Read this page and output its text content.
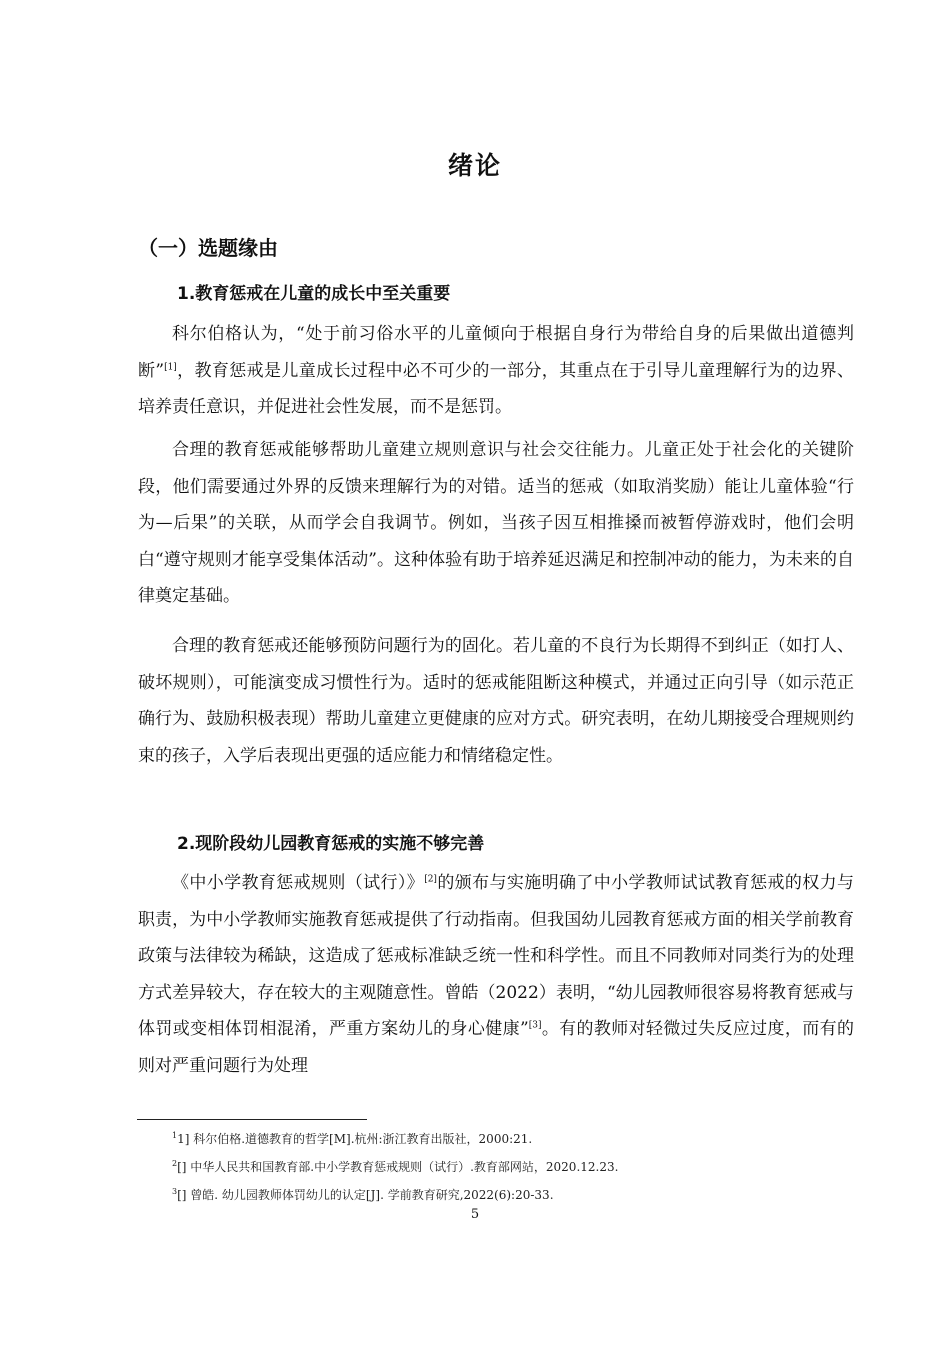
绪论
（一）选题缘由
1.教育惩戒在儿童的成长中至关重要

科尔伯格认为，“处于前习俗水平的儿童倾向于根据自身行为带给自身的后果做出道德判断”[1]，教育惩戒是儿童成长过程中必不可少的一部分，其重点在于引导儿童理解行为的边界、培养责任意识，并促进社会性发展，而不是惩罚。

合理的教育惩戒能够帮助儿童建立规则意识与社会交往能力。儿童正处于社会化的关键阶段，他们需要通过外界的反馈来理解行为的对错。适当的惩戒（如取消奖励）能让儿童体验“行为—后果”的关联，从而学会自我调节。例如，当孩子因互相推搡而被暂停游戏时，他们会明白“遵守规则才能享受集体活动”。这种体验有助于培养延迟满足和控制冲动的能力，为未来的自律奠定基础。

合理的教育惩戒还能够预防问题行为的固化。若儿童的不良行为长期得不到纠正（如打人、破坏规则），可能演变成习惯性行为。适时的惩戒能阻断这种模式，并通过正向引导（如示范正确行为、鼓励积极表现）帮助儿童建立更健康的应对方式。研究表明，在幼儿期接受合理规则约束的孩子，入学后表现出更强的适应能力和情绪稳定性。

2.现阶段幼儿园教育惩戒的实施不够完善

《中小学教育惩戒规则（试行）》[2]的颁布与实施明确了中小学教师试试教育惩戒的权力与职责，为中小学教师实施教育惩戒提供了行动指南。但我国幼儿园教育惩戒方面的相关学前教育政策与法律较为稀缺，这造成了惩戒标准缺乏统一性和科学性。而且不同教师对同类行为的处理方式差异较大，存在较大的主观随意性。曾皓（2022）表明，“幼儿园教师很容易将教育惩戒与体罚或变相体罚相混淆，严重方案幼儿的身心健康”[3]。有的教师对轻微过失反应过度，而有的则对严重问题行为处理

$^1$1] 科尔伯格.道德教育的哲学[M].杭州:浙江教育出版社，2000:21.
$^2$[] 中华人民共和国教育部.中小学教育惩戒规则（试行）.教育部网站，2020.12.23.
$^3$[] 曾皓. 幼儿园教师体罚幼儿的认定[J]. 学前教育研究,2022(6):20-33.
5
